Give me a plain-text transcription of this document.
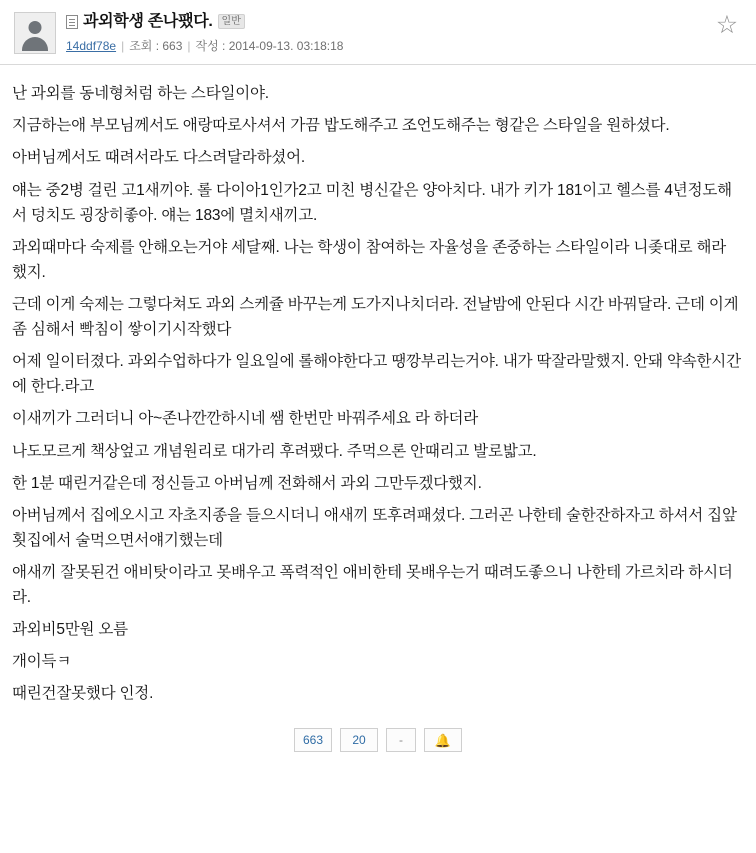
과외학생 존나팼다. 일반
14ddf78e | 조회 : 663 | 작성 : 2014-09-13. 03:18:18
☆

난 과외를 동네형처럼 하는 스타일이야.

지금하는애 부모님께서도 애랑따로사셔서 가끔 밥도해주고 조언도해주는 형같은 스타일을 원하셨다.

아버님께서도 때려서라도 다스려달라하셨어.

얘는 중2병 걸린 고1새끼야. 롤 다이아1인가2고 미친 병신같은 양아치다. 내가 키가 181이고 헬스를 4년정도해서 덩치도 굉장히좋아. 얘는 183에 멸치새끼고.

과외때마다 숙제를 안해오는거야 세달째. 나는 학생이 참여하는 자율성을 존중하는 스타일이라 니좆대로 해라 했지.

근데 이게 숙제는 그렇다쳐도 과외 스케쥴 바꾸는게 도가지나치더라. 전날밤에 안된다 시간 바꿔달라. 근데 이게 좀 심해서 빡침이 쌓이기시작했다

어제 일이터졌다. 과외수업하다가 일요일에 롤해야한다고 땡깡부리는거야. 내가 딱잘라말했지. 안돼 약속한시간에 한다.라고

이새끼가 그러더니 아~존나깐깐하시네 쌤 한번만 바꿔주세요 라 하더라

나도모르게 책상엎고 개념원리로 대가리 후려팼다. 주먹으론 안때리고 발로밟고.

한 1분 때린거같은데 정신들고 아버님께 전화해서 과외 그만두겠다했지.

아버님께서 집에오시고 자초지종을 들으시더니 애새끼 또후려패셨다. 그러곤 나한테 술한잔하자고 하셔서 집앞 횟집에서 술먹으면서얘기했는데

애새끼 잘못된건 애비탓이라고 못배우고 폭력적인 애비한테 못배우는거 때려도좋으니 나한테 가르치라 하시더라.

과외비5만원 오름

개이득ㅋ

때린건잘못했다 인정.

663	20	-	🔔
